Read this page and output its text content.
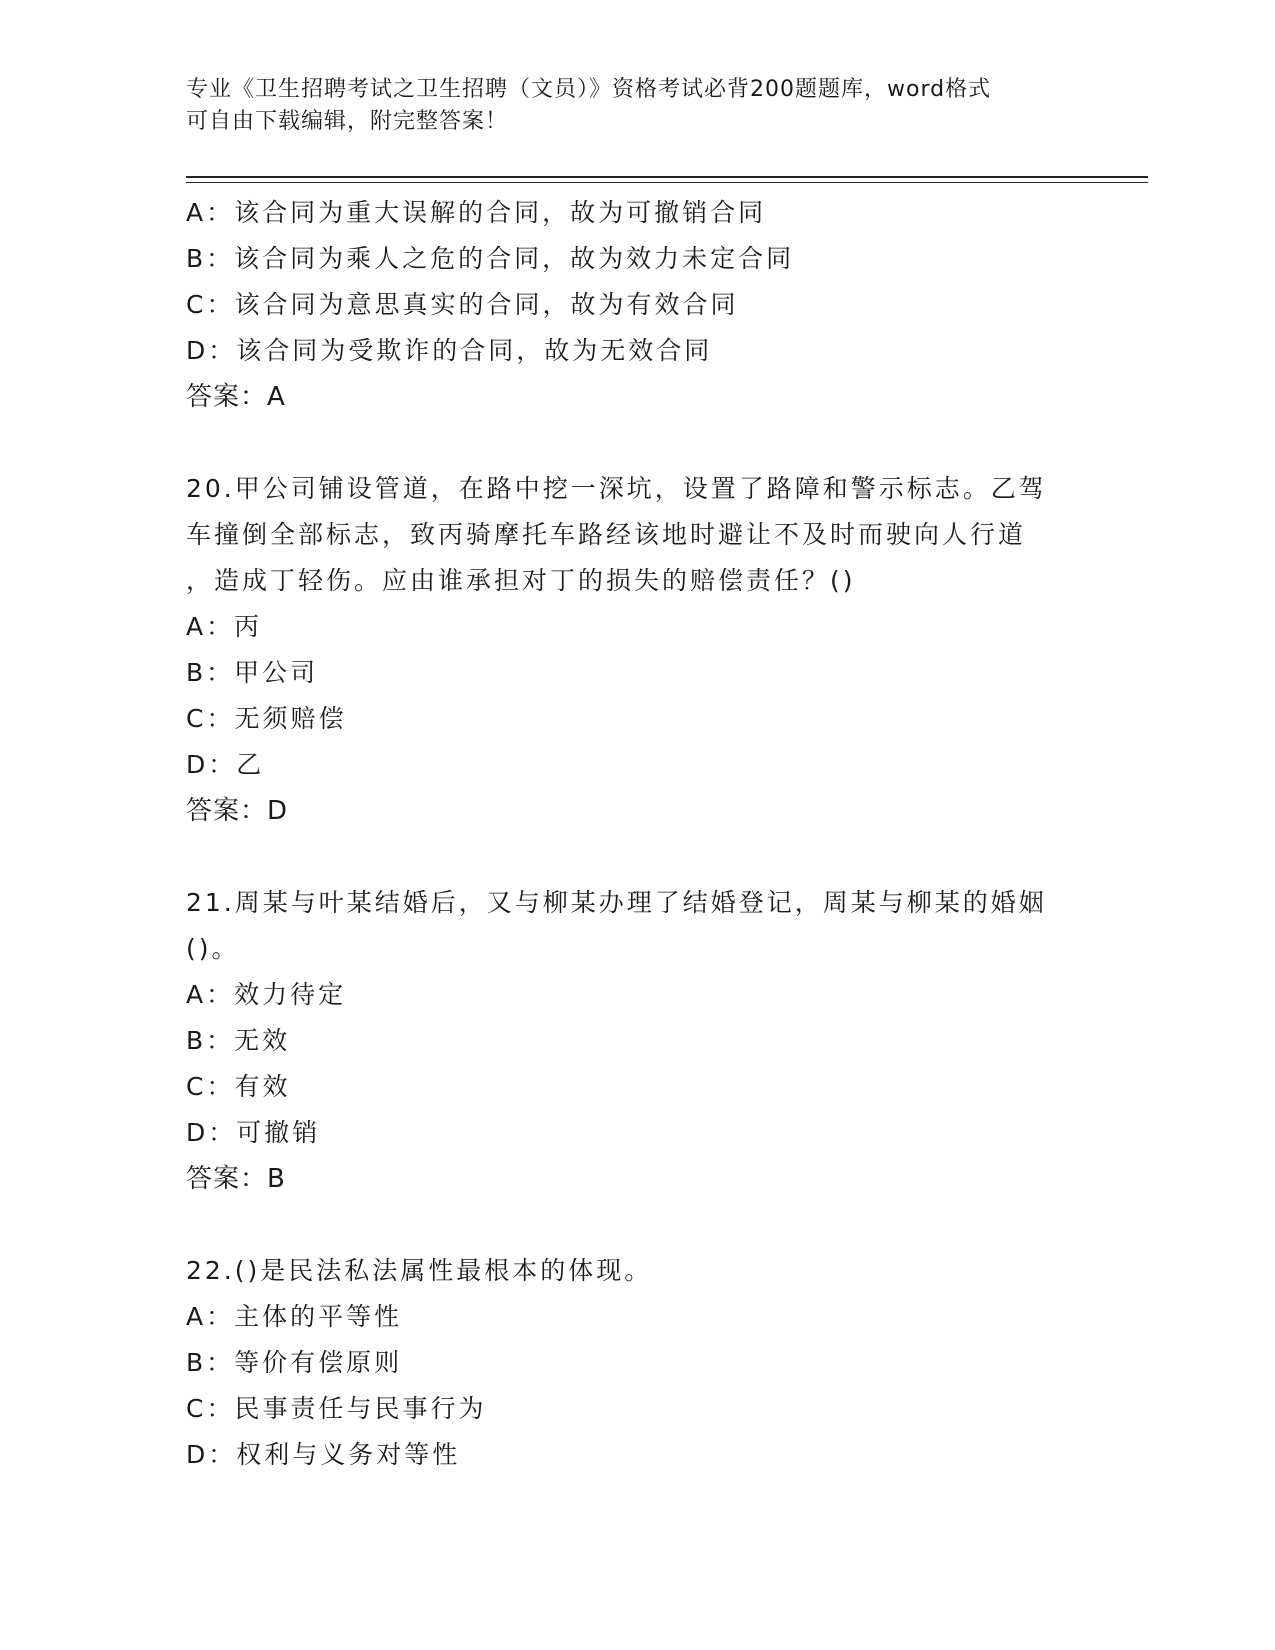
专业《卫生招聘考试之卫生招聘（文员）》资格考试必背200题题库，word格式
可自由下载编辑，附完整答案！
A：该合同为重大误解的合同，故为可撤销合同
B：该合同为乘人之危的合同，故为效力未定合同
C：该合同为意思真实的合同，故为有效合同
D：该合同为受欺诈的合同，故为无效合同
答案：A
20.甲公司铺设管道，在路中挖一深坑，设置了路障和警示标志。乙驾
车撞倒全部标志，致丙骑摩托车路经该地时避让不及时而驶向人行道
，造成丁轻伤。应由谁承担对丁的损失的赔偿责任？()
A：丙
B：甲公司
C：无须赔偿
D：乙
答案：D
21.周某与叶某结婚后，又与柳某办理了结婚登记，周某与柳某的婚姻
()。
A：效力待定
B：无效
C：有效
D：可撤销
答案：B
22.()是民法私法属性最根本的体现。
A：主体的平等性
B：等价有偿原则
C：民事责任与民事行为
D：权利与义务对等性
